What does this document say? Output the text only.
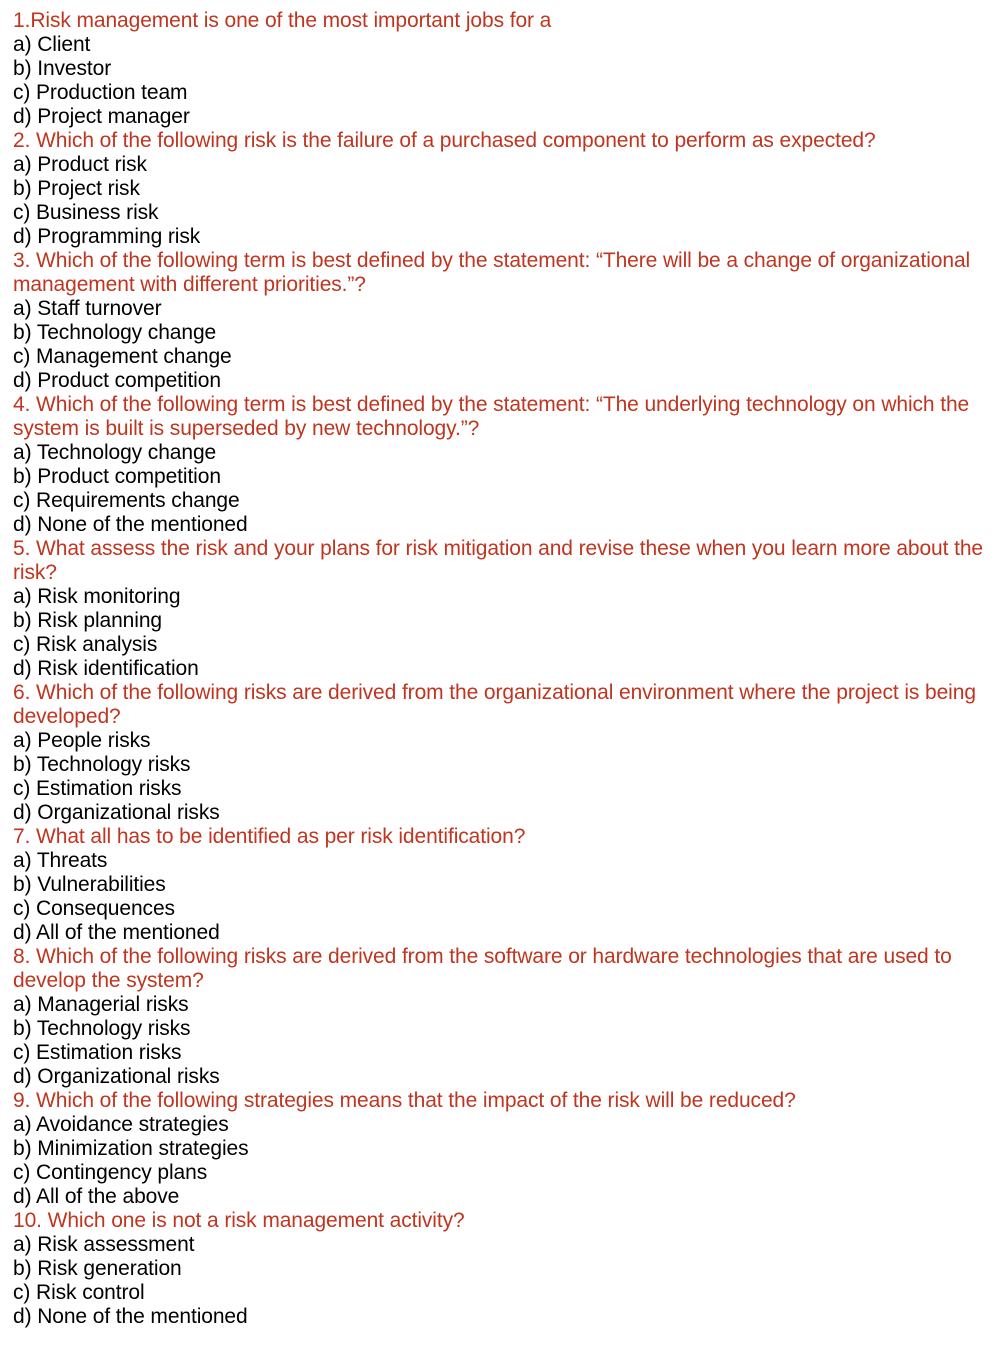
1.Risk management is one of the most important jobs for a

a) Client

b) Investor

c) Production team

d) Project manager

2. Which of the following risk is the failure of a purchased component to perform as expected?

a) Product risk

b) Project risk

c) Business risk

d) Programming risk

3. Which of the following term is best defined by the statement: “There will be a change of organizational management with different priorities.”?

a) Staff turnover

b) Technology change

c) Management change

d) Product competition

4. Which of the following term is best defined by the statement: “The underlying technology on which the system is built is superseded by new technology.”?

a) Technology change

b) Product competition

c) Requirements change

d) None of the mentioned

5. What assess the risk and your plans for risk mitigation and revise these when you learn more about the risk?

a) Risk monitoring

b) Risk planning

c) Risk analysis

d) Risk identification

6. Which of the following risks are derived from the organizational environment where the project is being developed?

a) People risks

b) Technology risks

c) Estimation risks

d) Organizational risks

7. What all has to be identified as per risk identification?

a) Threats

b) Vulnerabilities

c) Consequences

d) All of the mentioned

8. Which of the following risks are derived from the software or hardware technologies that are used to develop the system?

a) Managerial risks

b) Technology risks

c) Estimation risks

d) Organizational risks

9. Which of the following strategies means that the impact of the risk will be reduced?

a) Avoidance strategies

b) Minimization strategies

c) Contingency plans

d) All of the above

10. Which one is not a risk management activity?

a) Risk assessment

b) Risk generation

c) Risk control

d) None of the mentioned
